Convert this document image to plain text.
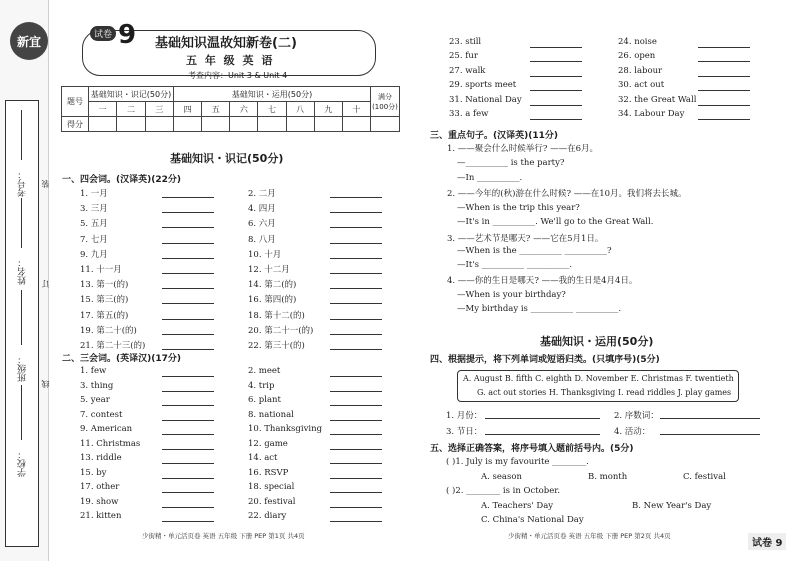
新宜
考号：
姓名：
班级：
学校：
装
订
线
试卷 9 基础知识温故知新卷(二)
五 年 级 英 语
考查内容：Unit 3 & Unit 4
题号	基础知识・识记(50分)			基础知识・运用(50分)							满分 (100分)
	一	二	三	四	五	六	七	八	九	十	
得分											
基础知识・识记(50分)
一、四会词。(汉译英)(22分)
1. 一月	2. 二月
3. 三月	4. 四月
5. 五月	6. 六月
7. 七月	8. 八月
9. 九月	10. 十月
11. 十一月	12. 十二月
13. 第一(的)	14. 第二(的)
15. 第三(的)	16. 第四(的)
17. 第五(的)	18. 第十二(的)
19. 第二十(的)	20. 第二十一(的)
21. 第二十三(的)	22. 第三十(的)
二、三会词。(英译汉)(17分)
1. few	2. meet
3. thing	4. trip
5. year	6. plant
7. contest	8. national
9. American	10. Thanksgiving
11. Christmas	12. game
13. riddle	14. act
15. by	16. RSVP
17. other	18. special
19. show	20. festival
21. kitten	22. diary
少街精・单元活页卷 英语 五年级 下册 PEP 第1页 共4页
23. still	24. noise
25. fur	26. open
27. walk	28. labour
29. sports meet	30. act out
31. National Day	32. the Great Wall
33. a few	34. Labour Day
三、重点句子。(汉译英)(11分)
1. ——聚会什么时候举行? ——在6月。
—__________ is the party?
—In __________.
2. ——今年的(秋)游在什么时候? ——在10月。我们将去长城。
—When is the trip this year?
—It's in __________. We'll go to the Great Wall.
3. ——艺术节是哪天? ——它在5月1日。
—When is the __________ __________?
—It's __________ __________.
4. ——你的生日是哪天? ——我的生日是4月4日。
—When is your birthday?
—My birthday is __________ __________.
基础知识・运用(50分)
四、根据提示，将下列单词或短语归类。(只填序号)(5分)
A. August B. fifth C. eighth D. November E. Christmas F. twentieth
G. act out stories H. Thanksgiving I. read riddles J. play games
1. 月份：	2. 序数词：
3. 节日：	4. 活动：
五、选择正确答案，将序号填入题前括号内。(5分)
( )1. July is my favourite ________.
A. season	B. month	C. festival
( )2. ________ is in October.
A. Teachers' Day	B. New Year's Day
C. China's National Day
少街精・单元活页卷 英语 五年级 下册 PEP 第2页 共4页
试卷 9
